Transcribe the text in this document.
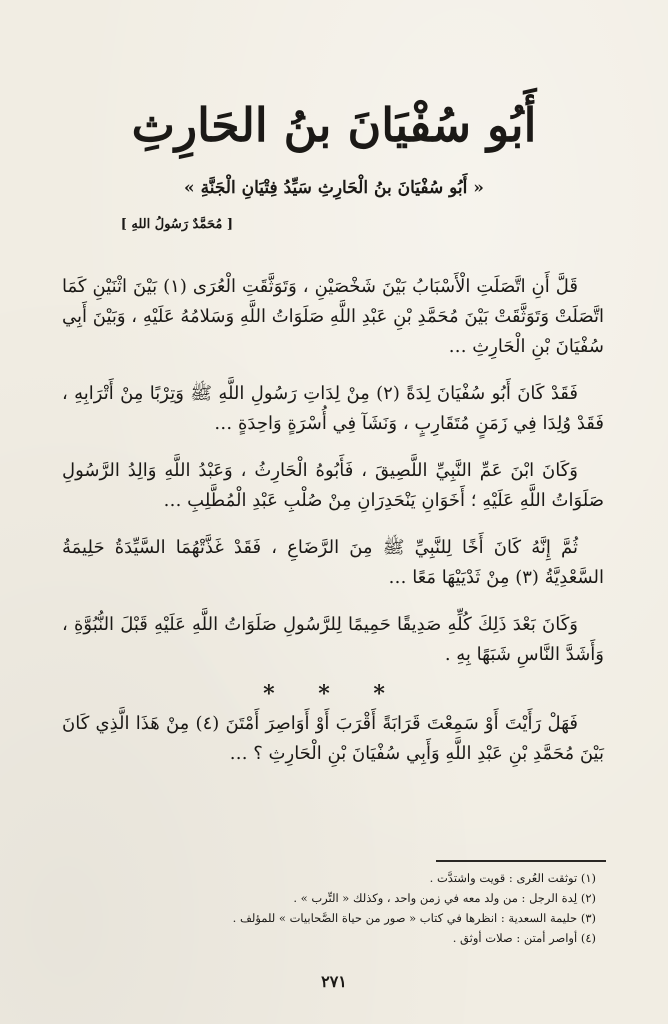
أَبُو سُفْيَانَ بنُ الحَارِثِ
« أَبُو سُفْيَانَ بنُ الْحَارِثِ سَيِّدُ فِتْيَانِ الْجَنَّةِ »
[ مُحَمَّدٌ رَسُولُ اللهِ ]

قَلَّ أَنِ اتَّصَلَتِ الْأَسْبَابُ بَيْنَ شَخْصَيْنِ ، وَتَوَثَّقَتِ الْعُرَى (١) بَيْنَ اثْنَيْنِ كَمَا اتَّصَلَتْ وَتَوَثَّقَتْ بَيْنَ مُحَمَّدِ بْنِ عَبْدِ اللَّهِ صَلَوَاتُ اللَّهِ وَسَلامُهُ عَلَيْهِ ، وَبَيْنَ أَبِي سُفْيَانَ بْنِ الْحَارِثِ …

فَقَدْ كَانَ أَبُو سُفْيَانَ لِدَةً (٢) مِنْ لِدَاتِ رَسُولِ اللَّهِ ﷺ وَتِرْبًا مِنْ أَتْرَابِهِ ، فَقَدْ وُلِدَا فِي زَمَنٍ مُتَقَارِبٍ ، وَنَشَآ فِي أُسْرَةٍ وَاحِدَةٍ …

وَكَانَ ابْنَ عَمِّ النَّبِيِّ اللَّصِيقَ ، فَأَبُوهُ الْحَارِثُ ، وَعَبْدُ اللَّهِ وَالِدُ الرَّسُولِ صَلَوَاتُ اللَّهِ عَلَيْهِ ؛ أَخَوَانِ يَنْحَدِرَانِ مِنْ صُلْبِ عَبْدِ الْمُطَّلِبِ …

ثُمَّ إِنَّهُ كَانَ أَخًا لِلنَّبِيِّ ﷺ مِنَ الرَّضَاعِ ، فَقَدْ غَذَّتْهُمَا السَّيِّدَةُ حَلِيمَةُ السَّعْدِيَّةُ (٣) مِنْ ثَدْيَيْهَا مَعًا …

وَكَانَ بَعْدَ ذَلِكَ كُلِّهِ صَدِيقًا حَمِيمًا لِلرَّسُولِ صَلَوَاتُ اللَّهِ عَلَيْهِ قَبْلَ النُّبُوَّةِ ، وَأَشَدَّ النَّاسِ شَبَهًا بِهِ .

* * *

فَهَلْ رَأَيْتَ أَوْ سَمِعْتَ قَرَابَةً أَقْرَبَ أَوْ أَوَاصِرَ أَمْتَنَ (٤) مِنْ هَذَا الَّذِي كَانَ بَيْنَ مُحَمَّدِ بْنِ عَبْدِ اللَّهِ وَأَبِي سُفْيَانَ بْنِ الْحَارِثِ ؟ …

(١) توثقت العُرى : قويت واشتدَّت .
(٢) لِدة الرجل : من ولد معه في زمن واحد ، وكذلك « التِّرب » .
(٣) حليمة السعدية : انظرها في كتاب « صور من حياة الصَّحابيات » للمؤلف .
(٤) أواصر أمتن : صلات أوثق .
٢٧١
